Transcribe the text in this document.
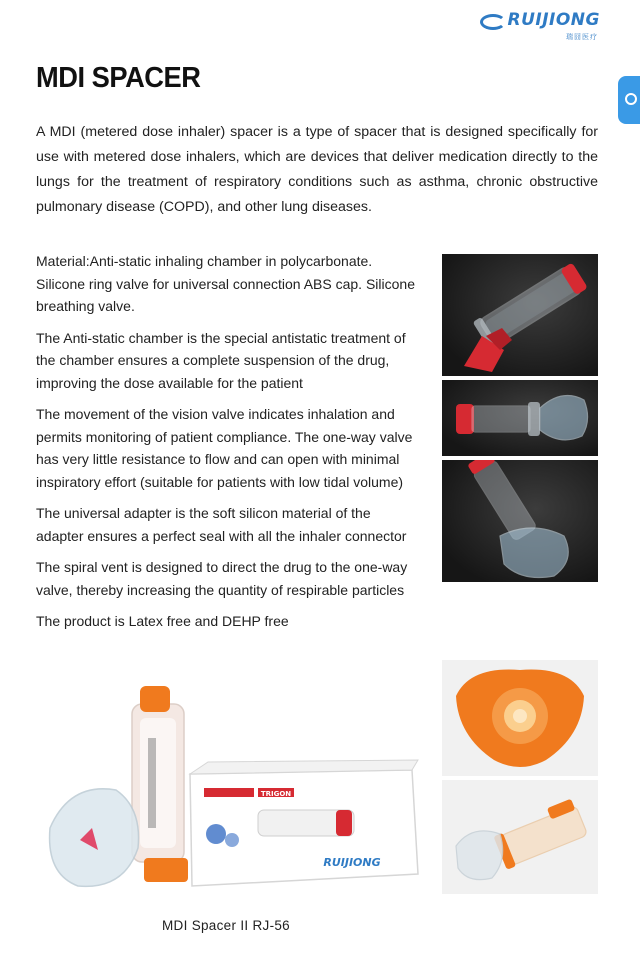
RUIJIONG
瑞囧医疗
MDI SPACER

A MDI (metered dose inhaler) spacer is a type of spacer that is designed specifically for use with metered dose inhalers, which are devices that deliver medication directly to the lungs for the treatment of respiratory conditions such as asthma, chronic obstructive pulmonary disease (COPD), and other lung diseases.

Material:Anti-static inhaling chamber in polycarbonate. Silicone ring valve for universal connection ABS cap. Silicone breathing valve.

The Anti-static chamber is the special antistatic treatment of the chamber ensures a complete suspension of the drug, improving the dose available for the patient

The movement of the vision valve indicates inhalation and permits monitoring of patient compliance. The one-way valve has very little resistance to flow and can open with minimal inspiratory effort (suitable for patients with low tidal volume)

The universal adapter is the soft silicon material of the adapter ensures a perfect seal with all the inhaler connector

The spiral vent is designed to direct the drug to the one-way valve, thereby increasing the quantity of respirable particles

The product is Latex free and DEHP free

TRIGON
RUIJIONG
MDI Spacer II RJ-56
